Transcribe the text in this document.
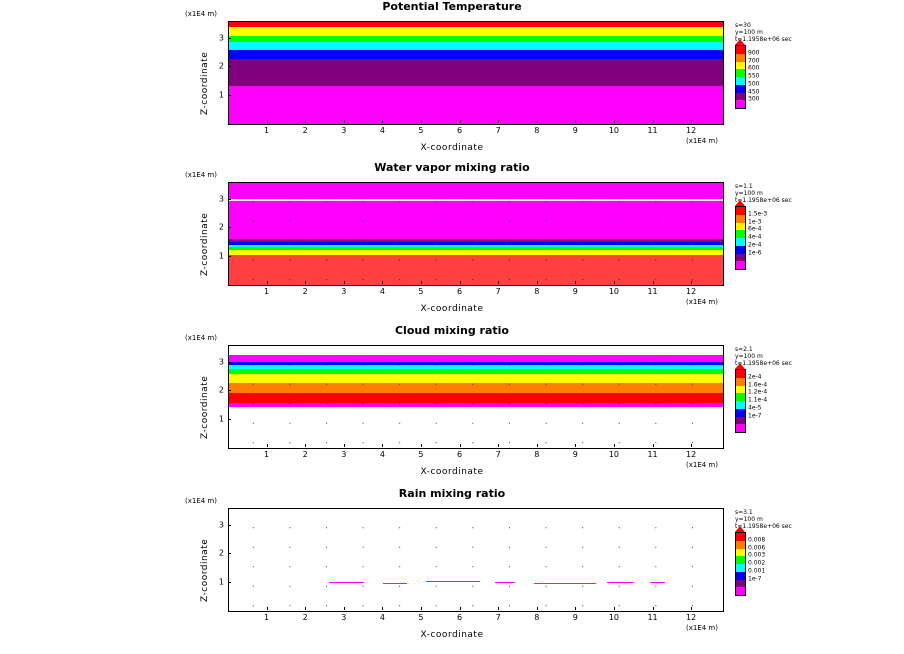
Potential Temperature
(x1E4 m)
1	2	3	4	5	6	7	8	9	10	11	12
1
2
3
Z-coordinate
X-coordinate
(x1E4 m)
s=30
y=100 m
t=1.1958e+06 sec
900
700
600
550
500
450
300
Water vapor mixing ratio
(x1E4 m)
1	2	3	4	5	6	7	8	9	10	11	12
1
2
3
Z-coordinate
X-coordinate
(x1E4 m)
s=1.1
y=100 m
t=1.1958e+06 sec
1.5e-3
1e-3
6e-4
4e-4
2e-4
1e-6
Cloud mixing ratio
(x1E4 m)
1	2	3	4	5	6	7	8	9	10	11	12
1
2
3
Z-coordinate
X-coordinate
(x1E4 m)
s=2.1
y=100 m
t=1.1958e+06 sec
2e-4
1.6e-4
1.2e-4
1.1e-4
4e-5
1e-7
Rain mixing ratio
(x1E4 m)
1	2	3	4	5	6	7	8	9	10	11	12
1
2
3
Z-coordinate
X-coordinate
(x1E4 m)
s=3.1
y=100 m
t=1.1958e+06 sec
0.008
0.006
0.003
0.002
0.001
1e-7
